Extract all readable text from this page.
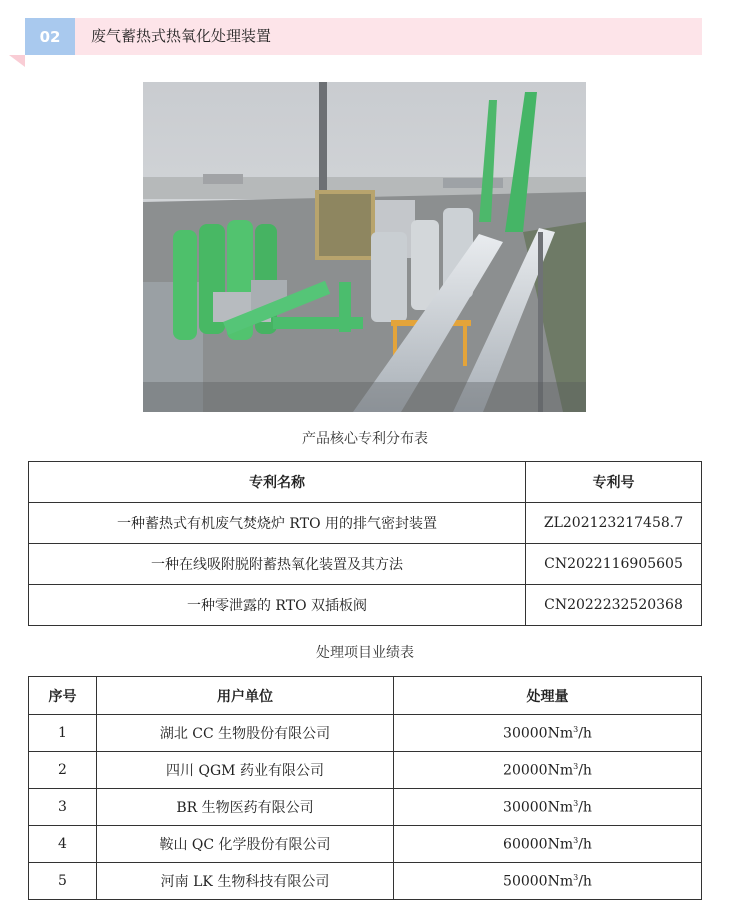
02	废气蓄热式热氧化处理装置
产品核心专利分布表
专利名称	专利号
一种蓄热式有机废气焚烧炉 RTO 用的排气密封装置	ZL202123217458.7
一种在线吸附脱附蓄热氧化装置及其方法	CN2022116905605
一种零泄露的 RTO 双插板阀	CN2022232520368
处理项目业绩表
序号	用户单位	处理量
1	湖北 CC 生物股份有限公司	30000Nm$^3$/h
2	四川 QGM 药业有限公司	20000Nm$^3$/h
3	BR 生物医药有限公司	30000Nm$^3$/h
4	鞍山 QC 化学股份有限公司	60000Nm$^3$/h
5	河南 LK 生物科技有限公司	50000Nm$^3$/h
